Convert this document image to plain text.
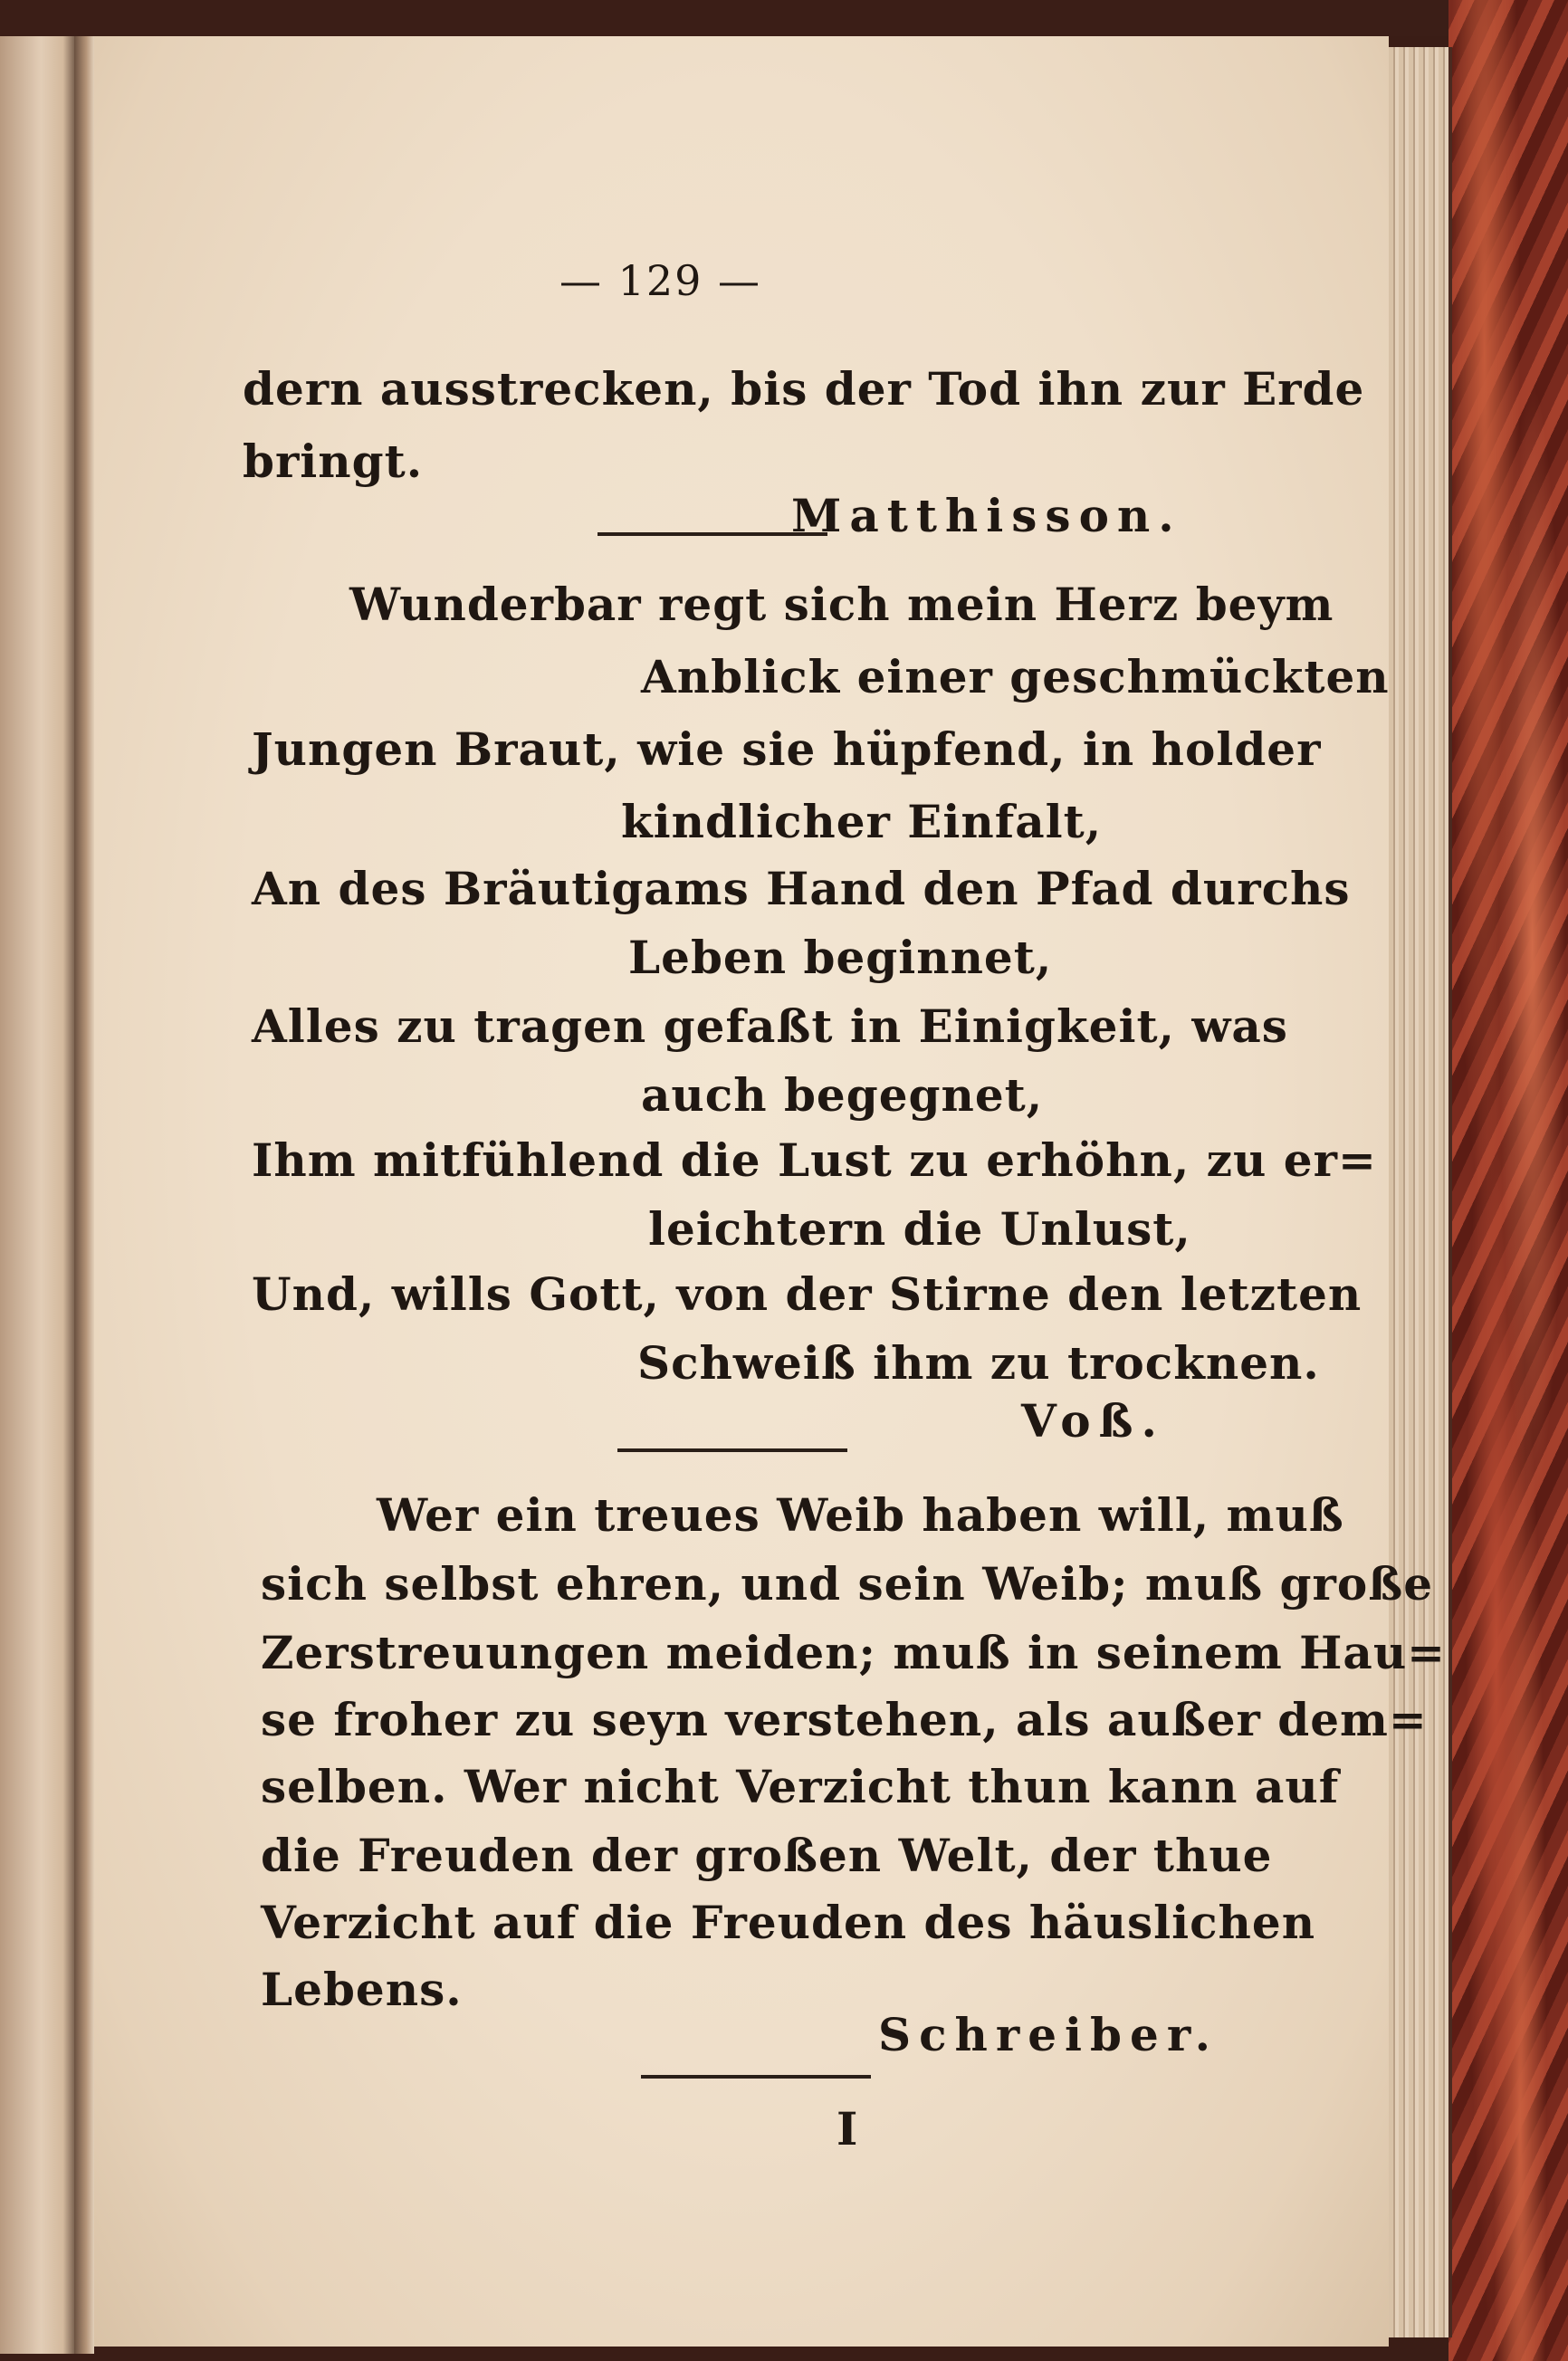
— 129 —
dern ausstrecken, bis der Tod ihn zur Erde
bringt.
Matthisson.
Wunderbar regt sich mein Herz beym
Anblick einer geschmückten
Jungen Braut, wie sie hüpfend, in holder
kindlicher Einfalt,
An des Bräutigams Hand den Pfad durchs
Leben beginnet,
Alles zu tragen gefaßt in Einigkeit, was
auch begegnet,
Ihm mitfühlend die Lust zu erhöhn, zu er=
leichtern die Unlust,
Und, wills Gott, von der Stirne den letzten
Schweiß ihm zu trocknen.
Voß.
Wer ein treues Weib haben will, muß
sich selbst ehren, und sein Weib; muß große
Zerstreuungen meiden; muß in seinem Hau=
se froher zu seyn verstehen, als außer dem=
selben. Wer nicht Verzicht thun kann auf
die Freuden der großen Welt, der thue
Verzicht auf die Freuden des häuslichen
Lebens.
Schreiber.
I
